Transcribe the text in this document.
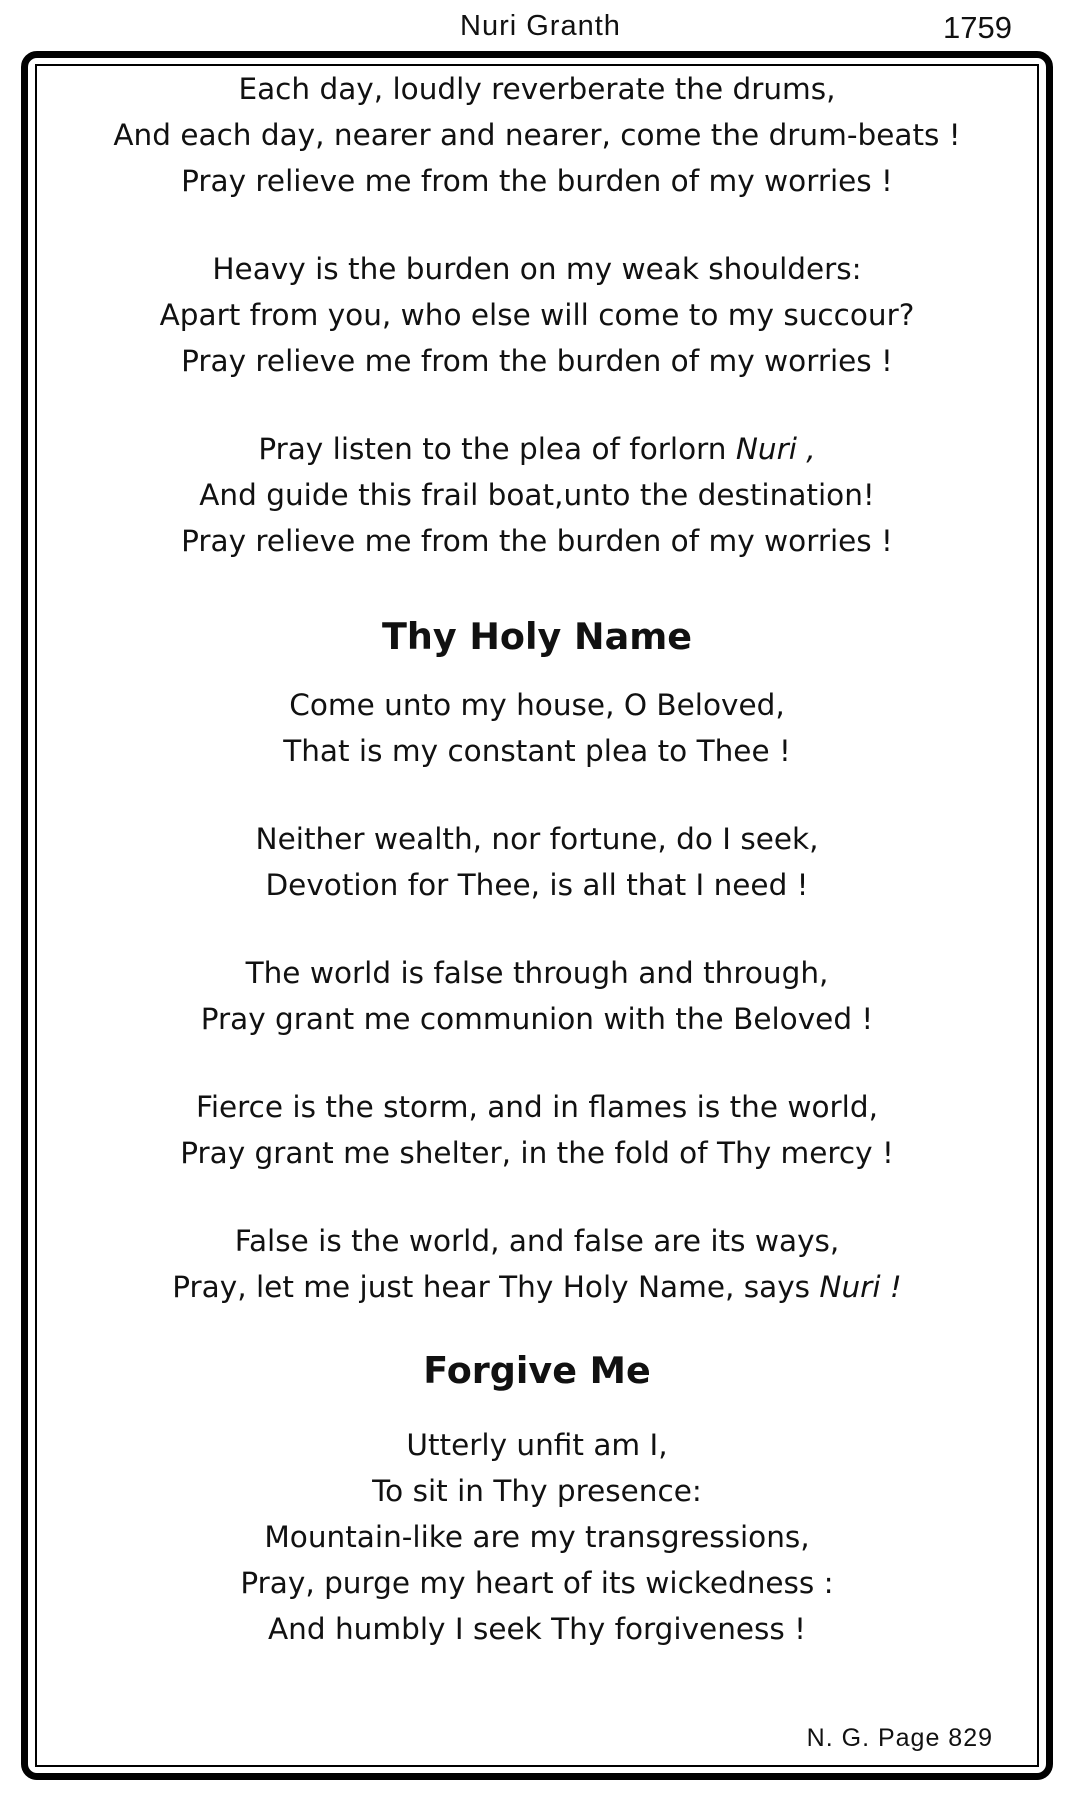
Nuri Granth	1759
Each day, loudly reverberate the drums,
And each day, nearer and nearer, come the drum-beats !
Pray relieve me from the burden of my worries !
Heavy is the burden on my weak shoulders:
Apart from you, who else will come to my succour?
Pray relieve me from the burden of my worries !
Pray listen to the plea of forlorn Nuri ,
And guide this frail boat,unto the destination!
Pray relieve me from the burden of my worries !
Thy Holy Name
Come unto my house, O Beloved,
That is my constant plea to Thee !
Neither wealth, nor fortune, do I seek,
Devotion for Thee, is all that I need !
The world is false through and through,
Pray grant me communion with the Beloved !
Fierce is the storm, and in flames is the world,
Pray grant me shelter, in the fold of Thy mercy !
False is the world, and false are its ways,
Pray, let me just hear Thy Holy Name, says Nuri !
Forgive Me
Utterly unfit am I,
To sit in Thy presence:
Mountain-like are my transgressions,
Pray, purge my heart of its wickedness :
And humbly I seek Thy forgiveness !
N. G. Page 829
